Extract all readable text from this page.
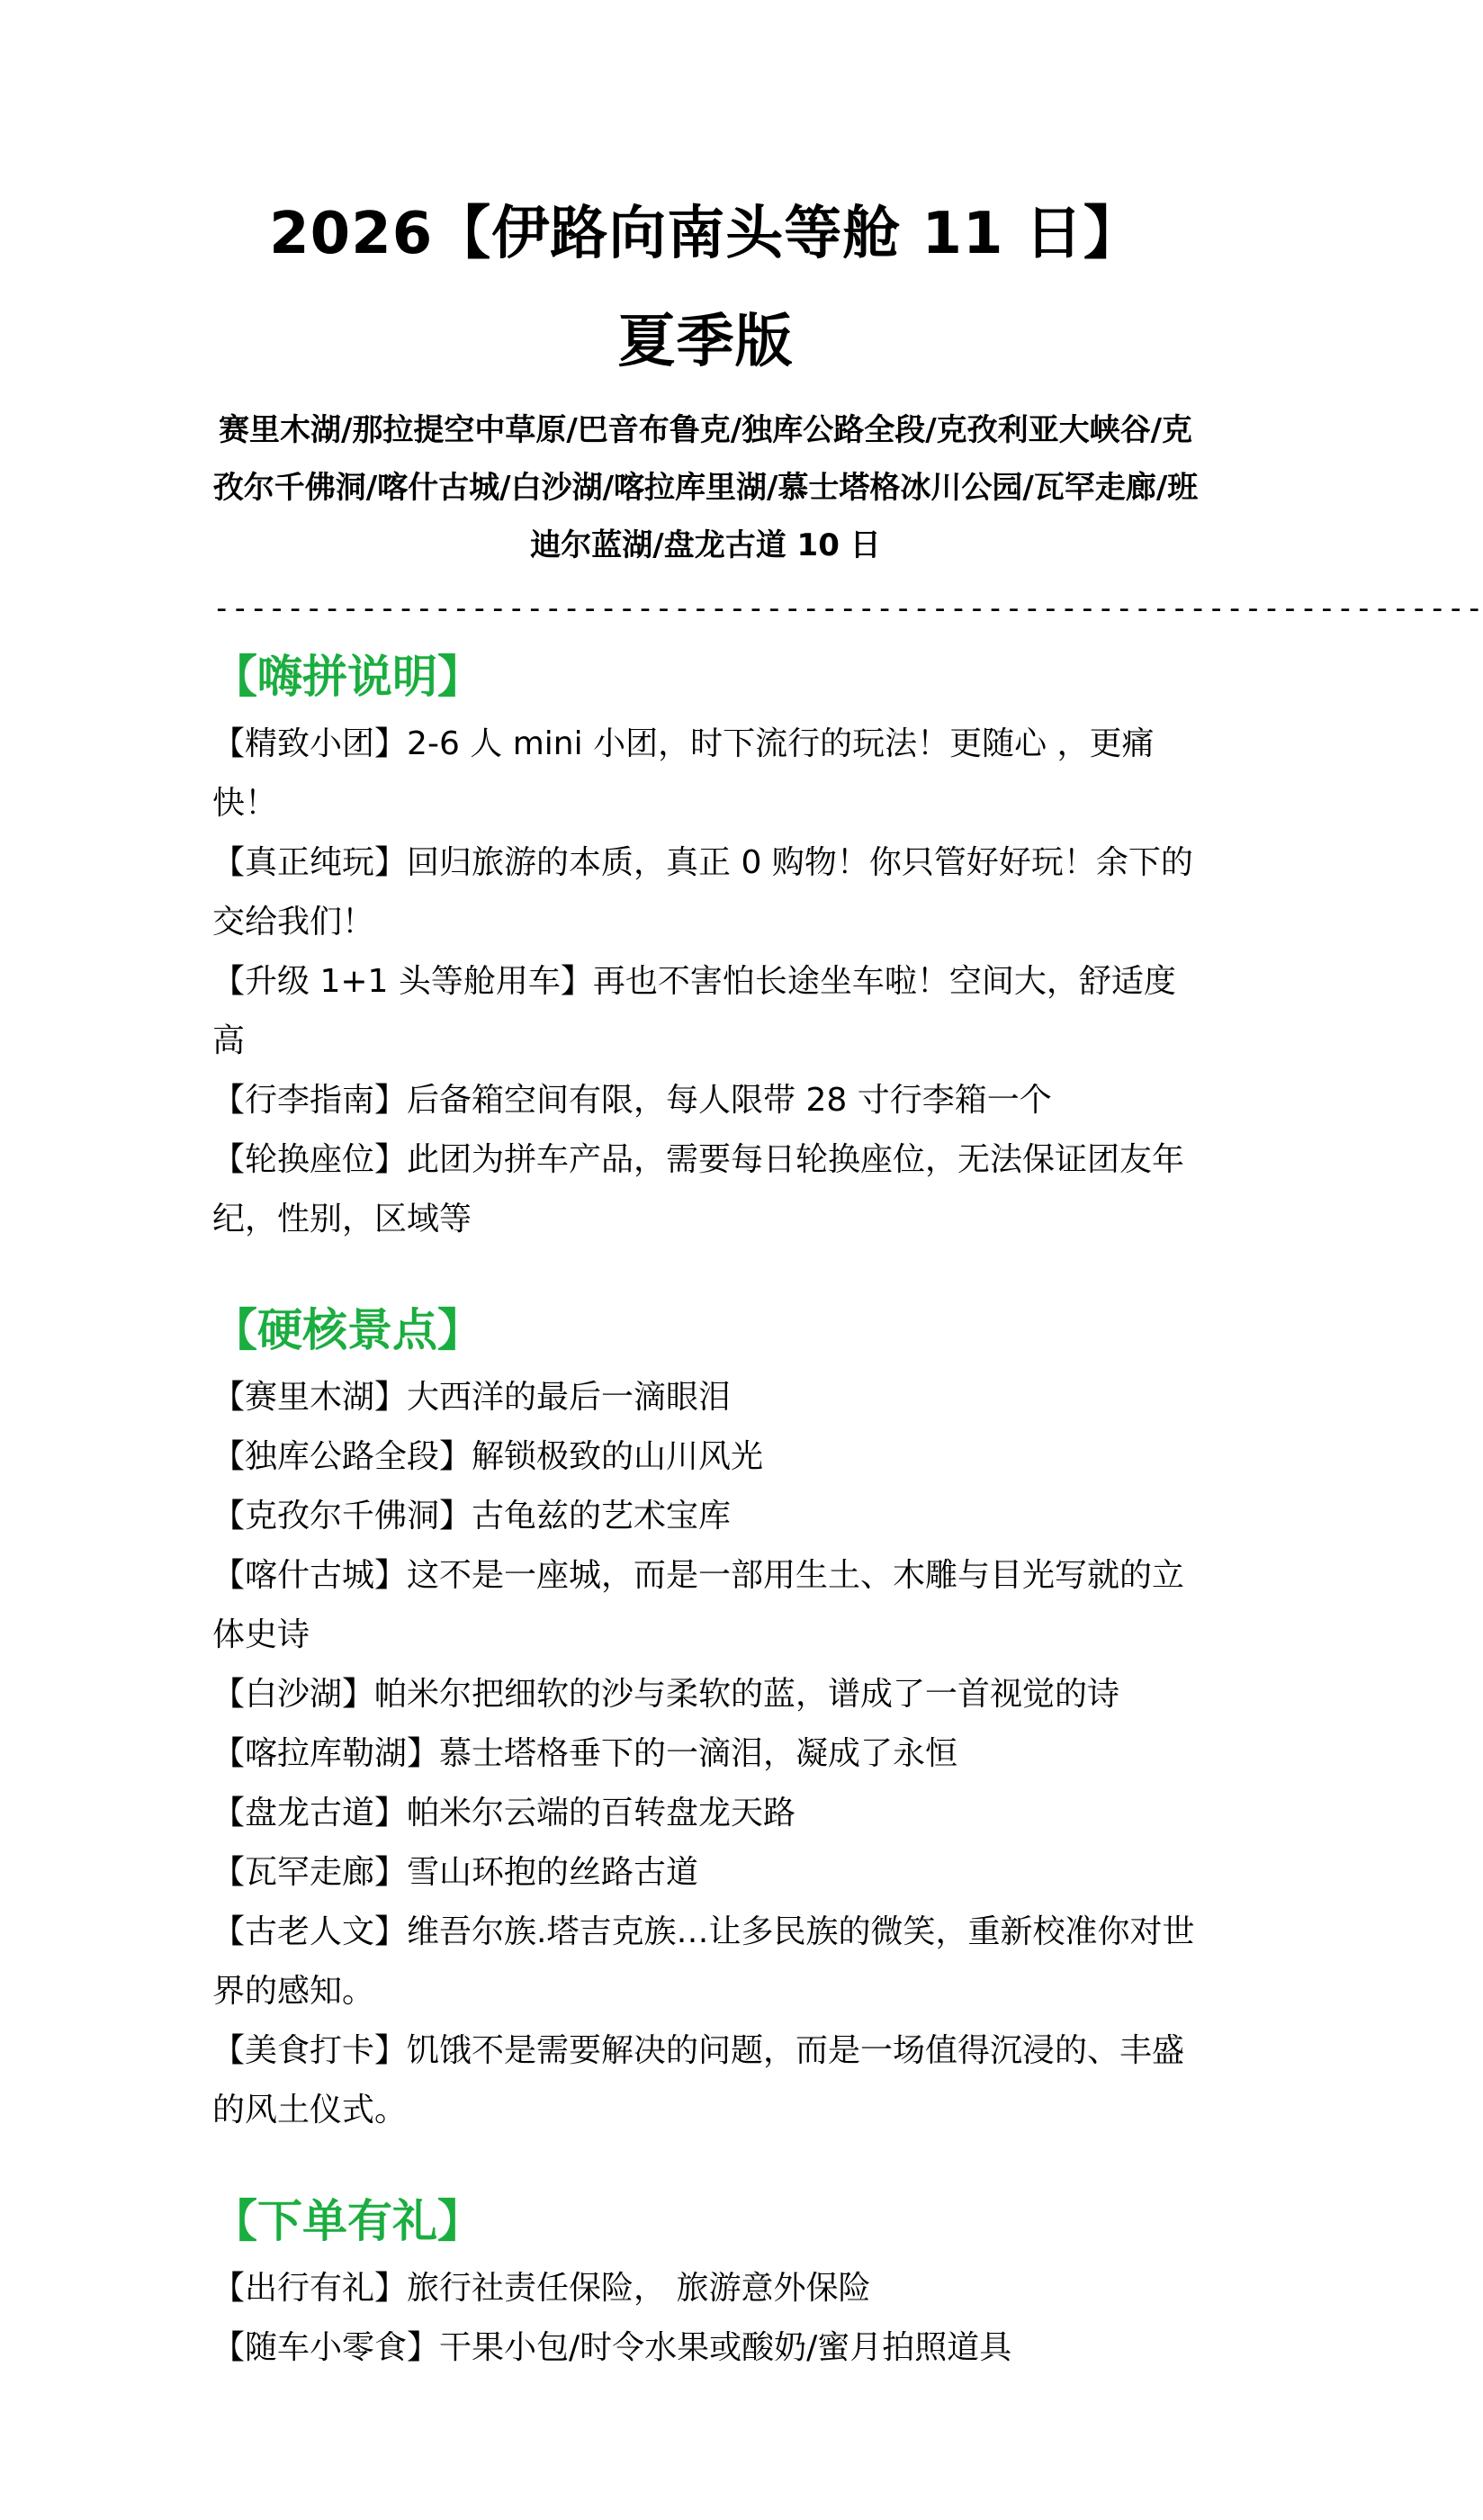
2026【伊路向南头等舱 11 日】
夏季版

赛里木湖/那拉提空中草原/巴音布鲁克/独库公路全段/克孜利亚大峡谷/克孜尔千佛洞/喀什古城/白沙湖/喀拉库里湖/慕士塔格冰川公园/瓦罕走廊/班迪尔蓝湖/盘龙古道 10 日

---------------------------------------------------------------------
【嗨拼说明】

【 精致小团 】 2-6 人 mini 小团，时下流行的玩法！更随心 ，更痛快！

【 真正纯玩 】 回归旅游的本质，真正 0 购物！你只管好好玩！余下的交给我们！

【 升级 1+1 头等舱用车 】 再也不害怕长途坐车啦！空间大，舒适度高

【 行李指南 】 后备箱空间有限，每人限带 28 寸行李箱一个

【 轮换座位 】 此团为拼车产品，需要每日轮换座位，无法保证团友年纪，性别，区域等

【硬核景点】

【 赛里木湖 】 大西洋的最后一滴眼泪

【 独库公路全段 】 解锁极致的山川风光

【 克孜尔千佛洞 】 古龟兹的艺术宝库

【 喀什古城 】 这不是一座城，而是一部用生土、木雕与目光写就的立体史诗

【 白沙湖 】 帕米尔把细软的沙与柔软的蓝，谱成了一首视觉的诗

【 喀拉库勒湖 】 慕士塔格垂下的一滴泪，凝成了永恒

【 盘龙古道 】 帕米尔云端的百转盘龙天路

【 瓦罕走廊 】 雪山环抱的丝路古道

【 古老人文 】 维吾尔族.塔吉克族…让多民族的微笑，重新校准你对世界的感知。

【 美食打卡 】 饥饿不是需要解决的问题，而是一场值得沉浸的、丰盛的风土仪式。

【下单有礼】

【 出行有礼 】 旅行社责任保险， 旅游意外保险

【 随车小零食 】 干果小包/时令水果或酸奶/蜜月拍照道具
